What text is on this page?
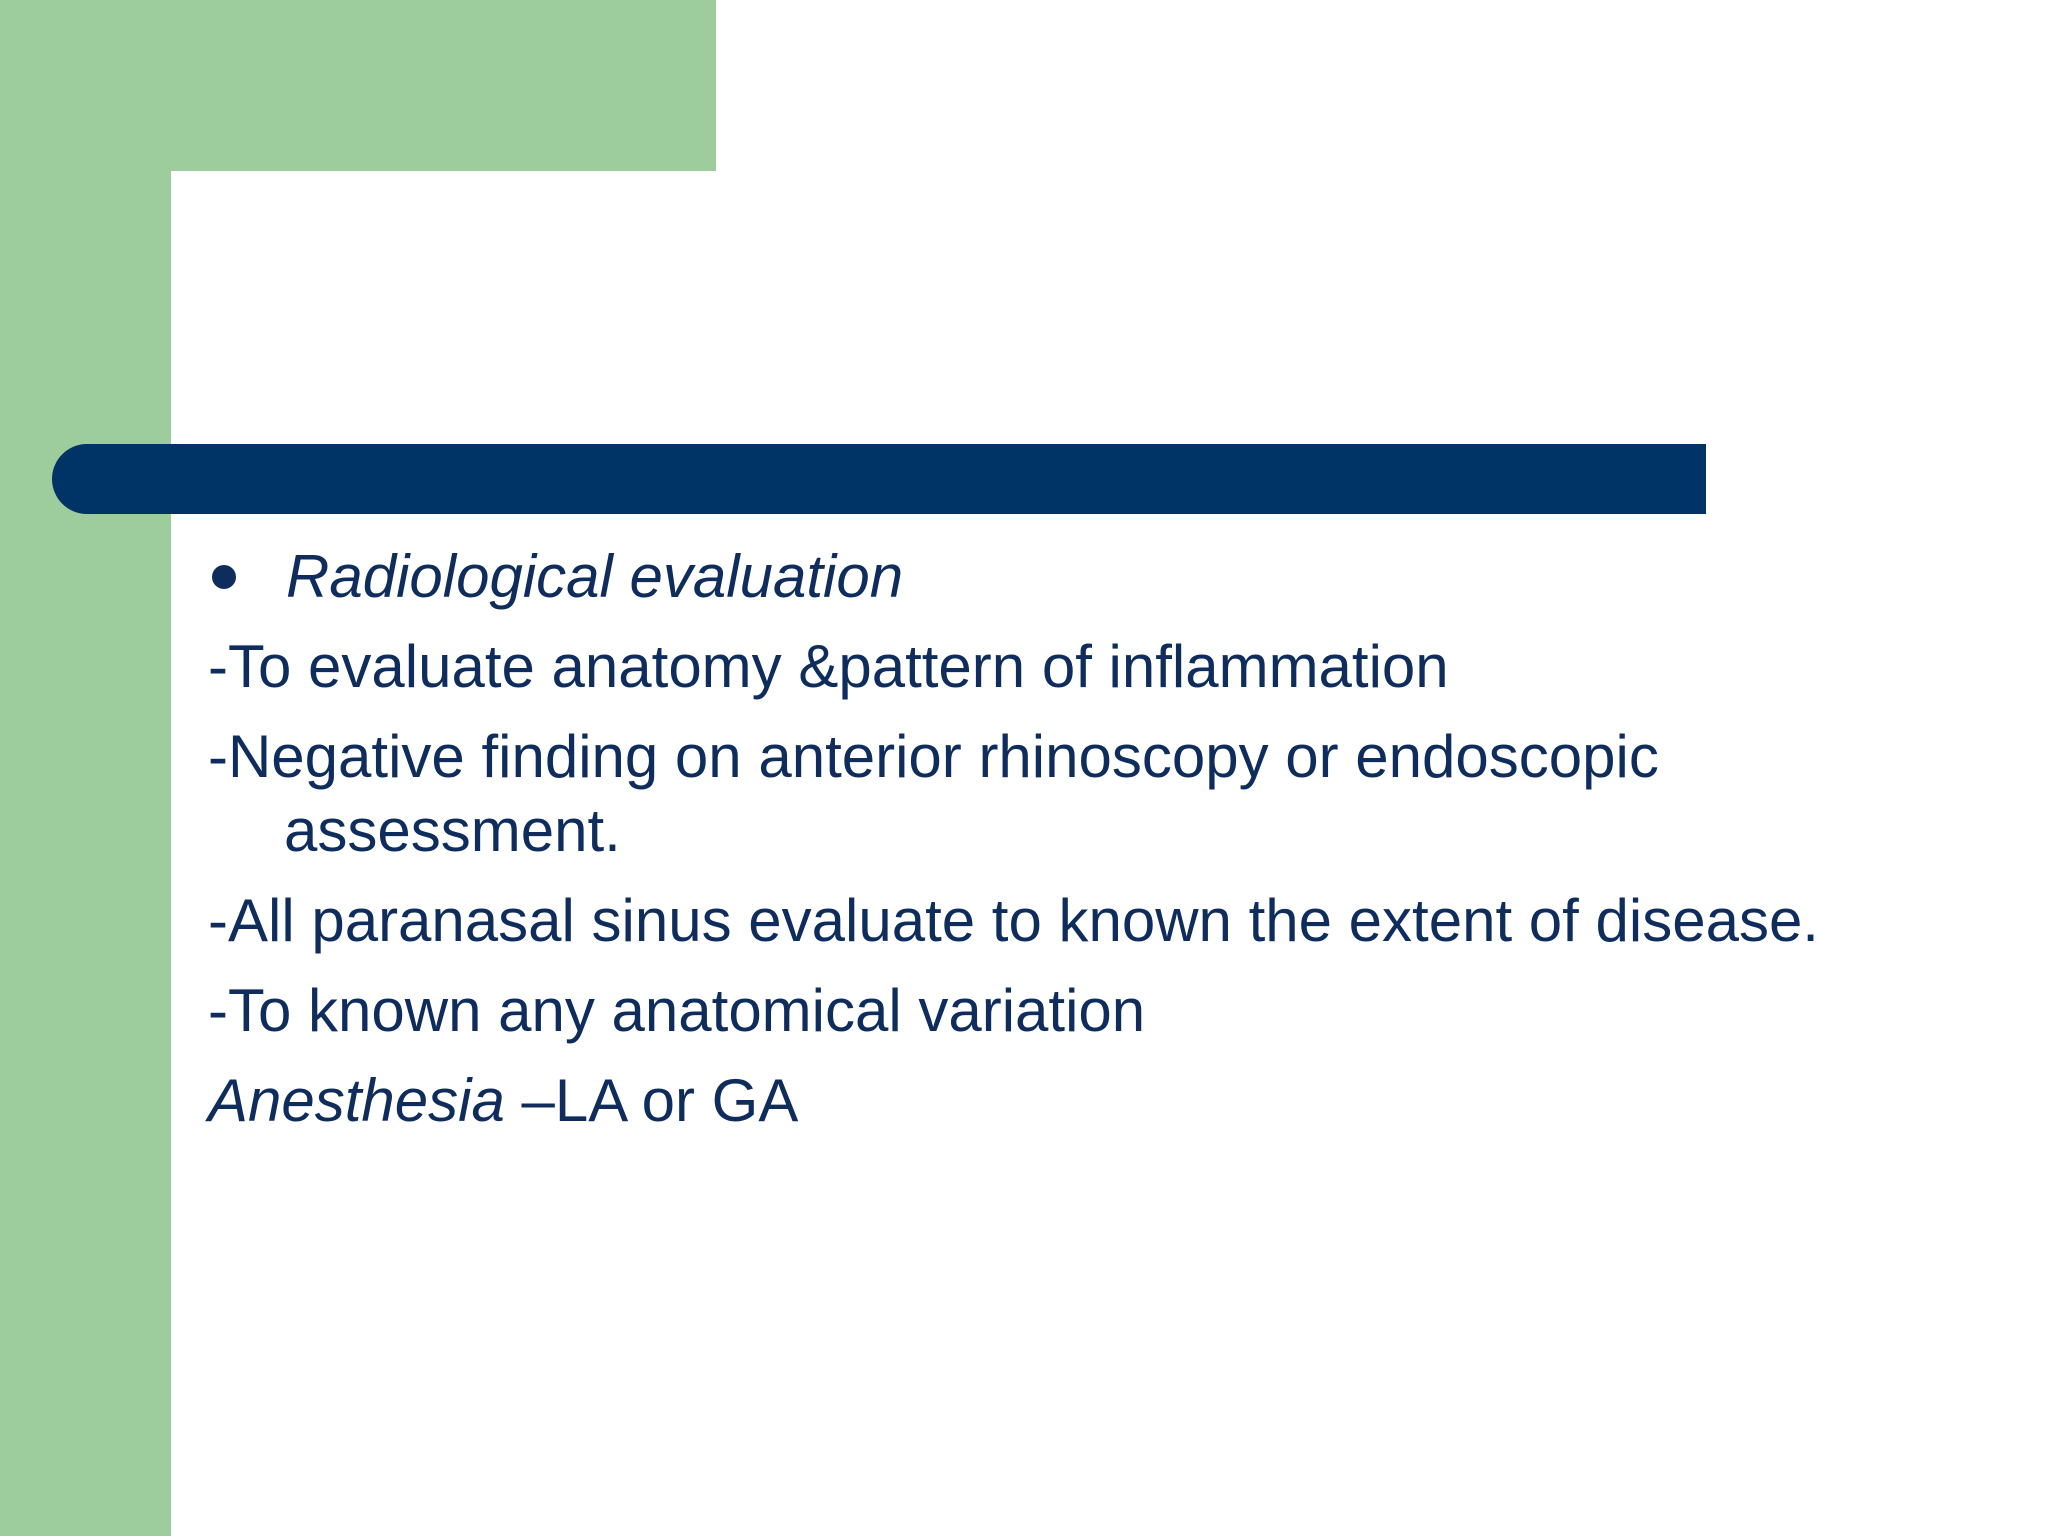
Radiological evaluation
-To evaluate anatomy &pattern of inflammation
-Negative finding on anterior rhinoscopy or endoscopic assessment.
-All paranasal sinus evaluate to known the extent of disease.
-To known any anatomical variation
Anesthesia –LA or GA
